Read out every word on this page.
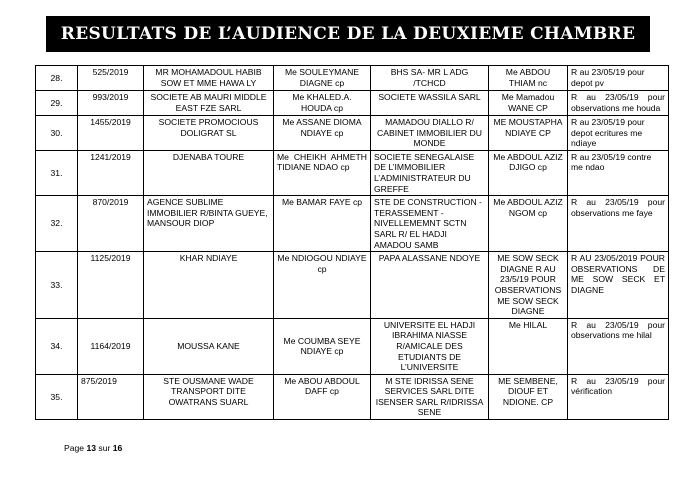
RESULTATS DE L’AUDIENCE DE LA DEUXIEME CHAMBRE
28.	525/2019	MR MOHAMADOUL HABIB SOW ET MME HAWA LY	Me SOULEYMANE DIAGNE cp	BHS SA- MR L ADG /TCHCD	Me ABDOU THIAM nc	R au 23/05/19 pour depot pv
29.	993/2019	SOCIETE AB MAURI MIDDLE EAST FZE SARL	Me KHALED.A. HOUDA cp	SOCIETE WASSILA SARL	Me Mamadou WANE CP	R au 23/05/19 pour observations me houda
30.	1455/2019	SOCIETE PROMOCIOUS DOLIGRAT SL	Me ASSANE DIOMA NDIAYE cp	MAMADOU DIALLO R/ CABINET IMMOBILIER DU MONDE	ME MOUSTAPHA NDIAYE CP	R au 23/05/19 pour depot ecritures me ndiaye
31.	1241/2019	DJENABA TOURE	Me CHEIKH AHMETH TIDIANE NDAO cp	SOCIETE SENEGALAISE DE L’IMMOBILIER L’ADMINISTRATEUR DU GREFFE	Me ABDOUL AZIZ DJIGO cp	R au 23/05/19 contre me ndao
32.	870/2019	AGENCE SUBLIME IMMOBILIER R/BINTA GUEYE, MANSOUR DIOP	Me BAMAR FAYE cp	STE DE CONSTRUCTION - TERASSEMENT - NIVELLEMEMNT SCTN SARL R/ EL HADJI AMADOU SAMB	Me ABDOUL AZIZ NGOM cp	R au 23/05/19 pour observations me faye
33.	1125/2019	KHAR NDIAYE	Me NDIOGOU NDIAYE cp	PAPA ALASSANE NDOYE	ME SOW SECK DIAGNE R AU 23/5/19 POUR OBSERVATIONS ME SOW SECK DIAGNE	R AU 23/05/2019 POUR OBSERVATIONS DE ME SOW SECK ET DIAGNE
34.	1164/2019	MOUSSA KANE	Me COUMBA SEYE NDIAYE cp	UNIVERSITE EL HADJI IBRAHIMA NIASSE R/AMICALE DES ETUDIANTS DE L’UNIVERSITE	Me HILAL	R au 23/05/19 pour observations me hilal
35.	875/2019	STE OUSMANE WADE TRANSPORT DITE OWATRANS SUARL	Me ABOU ABDOUL DAFF cp	M STE IDRISSA SENE SERVICES SARL DITE ISENSER SARL R/IDRISSA SENE	ME SEMBENE, DIOUF ET NDIONE. CP	R au 23/05/19 pour vérification
Page 13 sur 16
